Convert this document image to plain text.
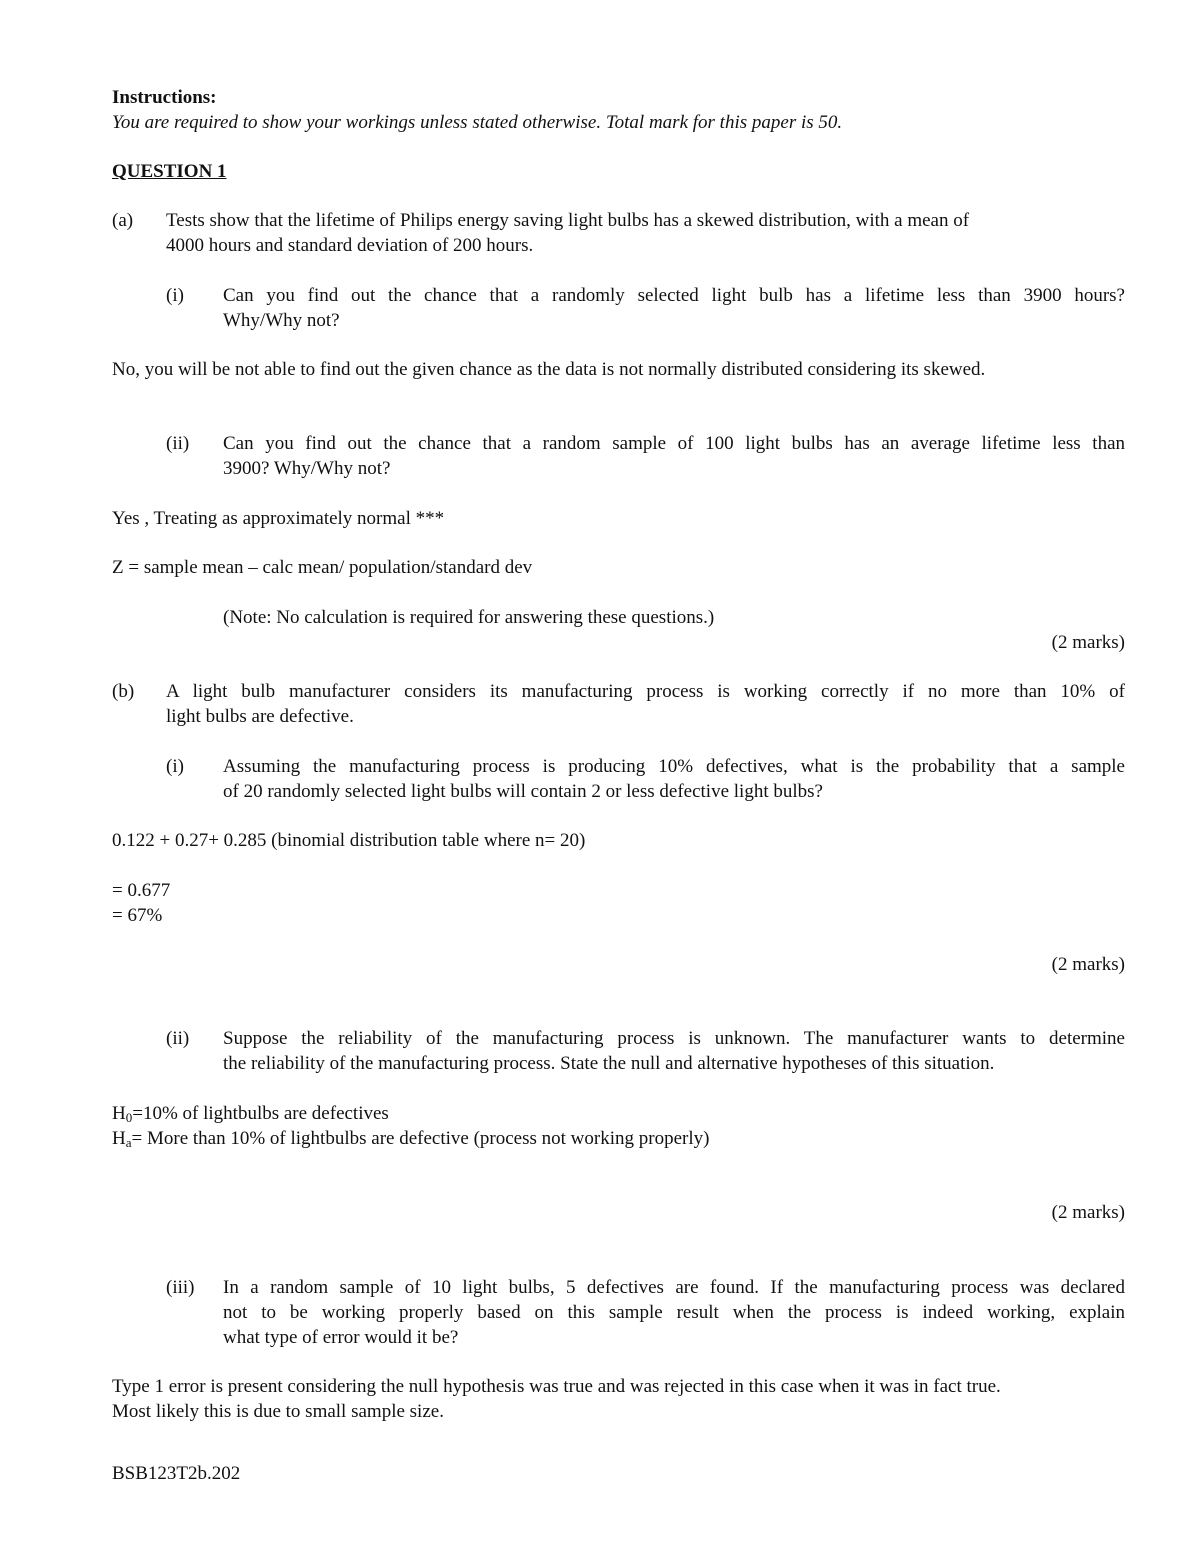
Instructions:
You are required to show your workings unless stated otherwise. Total mark for this paper is 50.
QUESTION 1
(a) Tests show that the lifetime of Philips energy saving light bulbs has a skewed distribution, with a mean of
4000 hours and standard deviation of 200 hours.
(i) Can you find out the chance that a randomly selected light bulb has a lifetime less than 3900 hours?
Why/Why not?
No, you will be not able to find out the given chance as the data is not normally distributed considering its skewed.
(ii) Can you find out the chance that a random sample of 100 light bulbs has an average lifetime less than
3900? Why/Why not?
Yes , Treating as approximately normal ***
Z = sample mean – calc mean/ population/standard dev
(Note: No calculation is required for answering these questions.)
(2 marks)
(b) A light bulb manufacturer considers its manufacturing process is working correctly if no more than 10% of
light bulbs are defective.
(i) Assuming the manufacturing process is producing 10% defectives, what is the probability that a sample
of 20 randomly selected light bulbs will contain 2 or less defective light bulbs?
0.122 + 0.27+ 0.285 (binomial distribution table where n= 20)
= 0.677
= 67%
(2 marks)
(ii) Suppose the reliability of the manufacturing process is unknown. The manufacturer wants to determine
the reliability of the manufacturing process. State the null and alternative hypotheses of this situation.
$H_0=10\%$ of lightbulbs are defectives
$H_a=$ More than 10% of lightbulbs are defective (process not working properly)
(2 marks)
(iii) In a random sample of 10 light bulbs, 5 defectives are found. If the manufacturing process was declared
not to be working properly based on this sample result when the process is indeed working, explain
what type of error would it be?
Type 1 error is present considering the null hypothesis was true and was rejected in this case when it was in fact true.
Most likely this is due to small sample size.
BSB123T2b.202
